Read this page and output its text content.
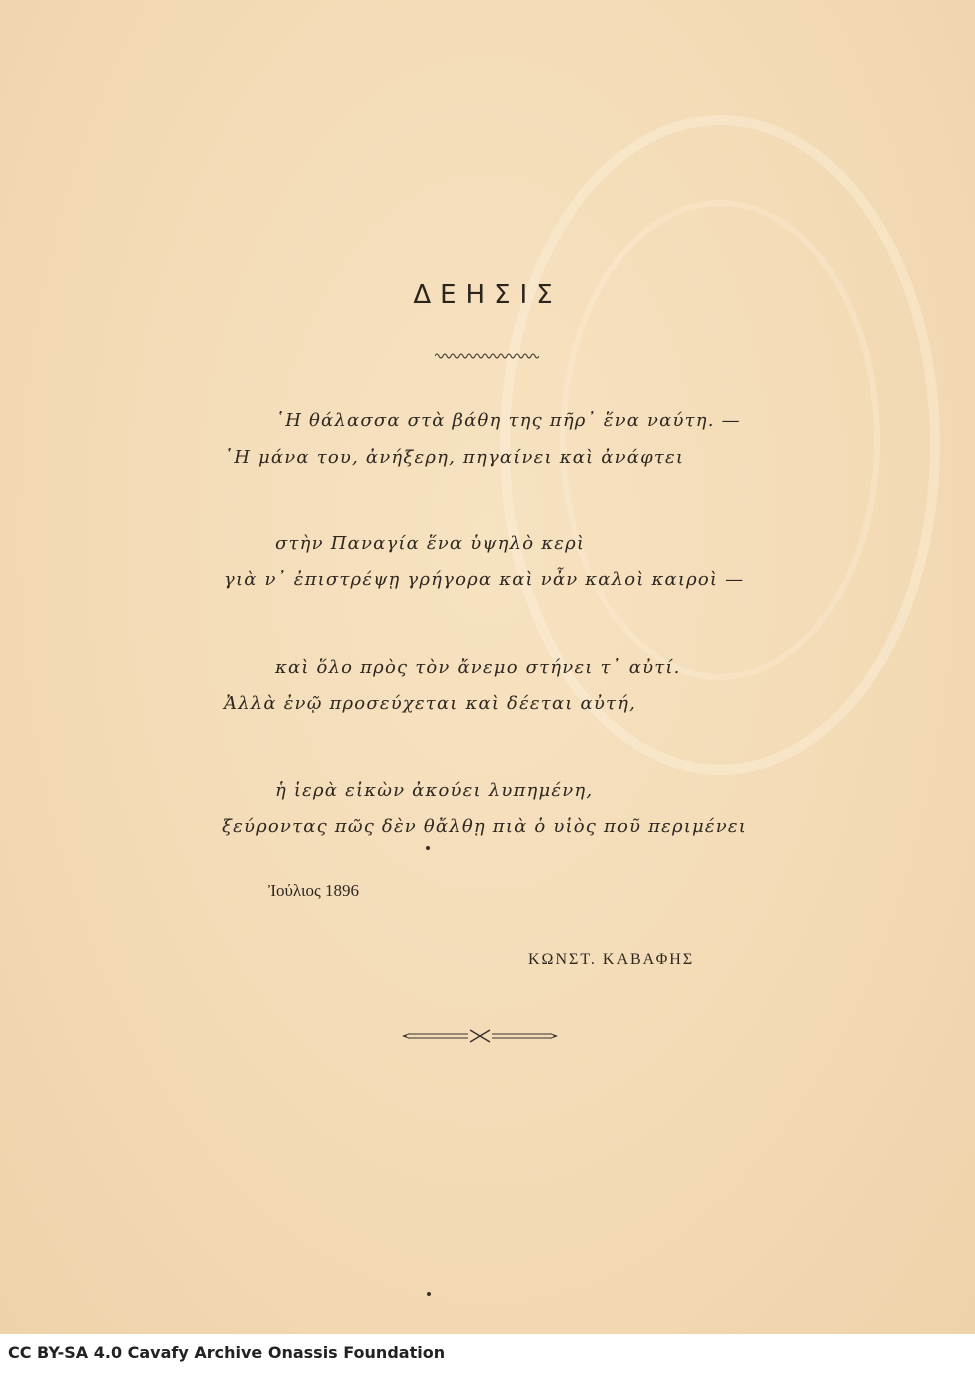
ΔΕΗΣΙΣ
῾Η θάλασσα στὰ βάθη της πῆρ᾿ ἕνα ναύτη. —
῾Η μάνα του, ἀνήξερη, πηγαίνει καὶ ἀνάφτει
στὴν Παναγία ἕνα ὑψηλὸ κερὶ
γιὰ ν᾿ ἐπιστρέψῃ γρήγορα καὶ νἆν καλοὶ καιροὶ —
καὶ ὅλο πρὸς τὸν ἄνεμο στήνει τ᾿ αὐτί.
Ἀλλὰ ἐνῷ προσεύχεται καὶ δέεται αὐτή,
ἡ ἱερὰ εἰκὼν ἀκούει λυπημένη,
ξεύροντας πῶς δὲν θἄλθῃ πιὰ ὁ υἱὸς ποῦ περιμένει
Ἰούλιος 1896
ΚΩΝΣΤ. ΚΑΒΑΦΗΣ
CC BY-SA 4.0 Cavafy Archive Onassis Foundation
